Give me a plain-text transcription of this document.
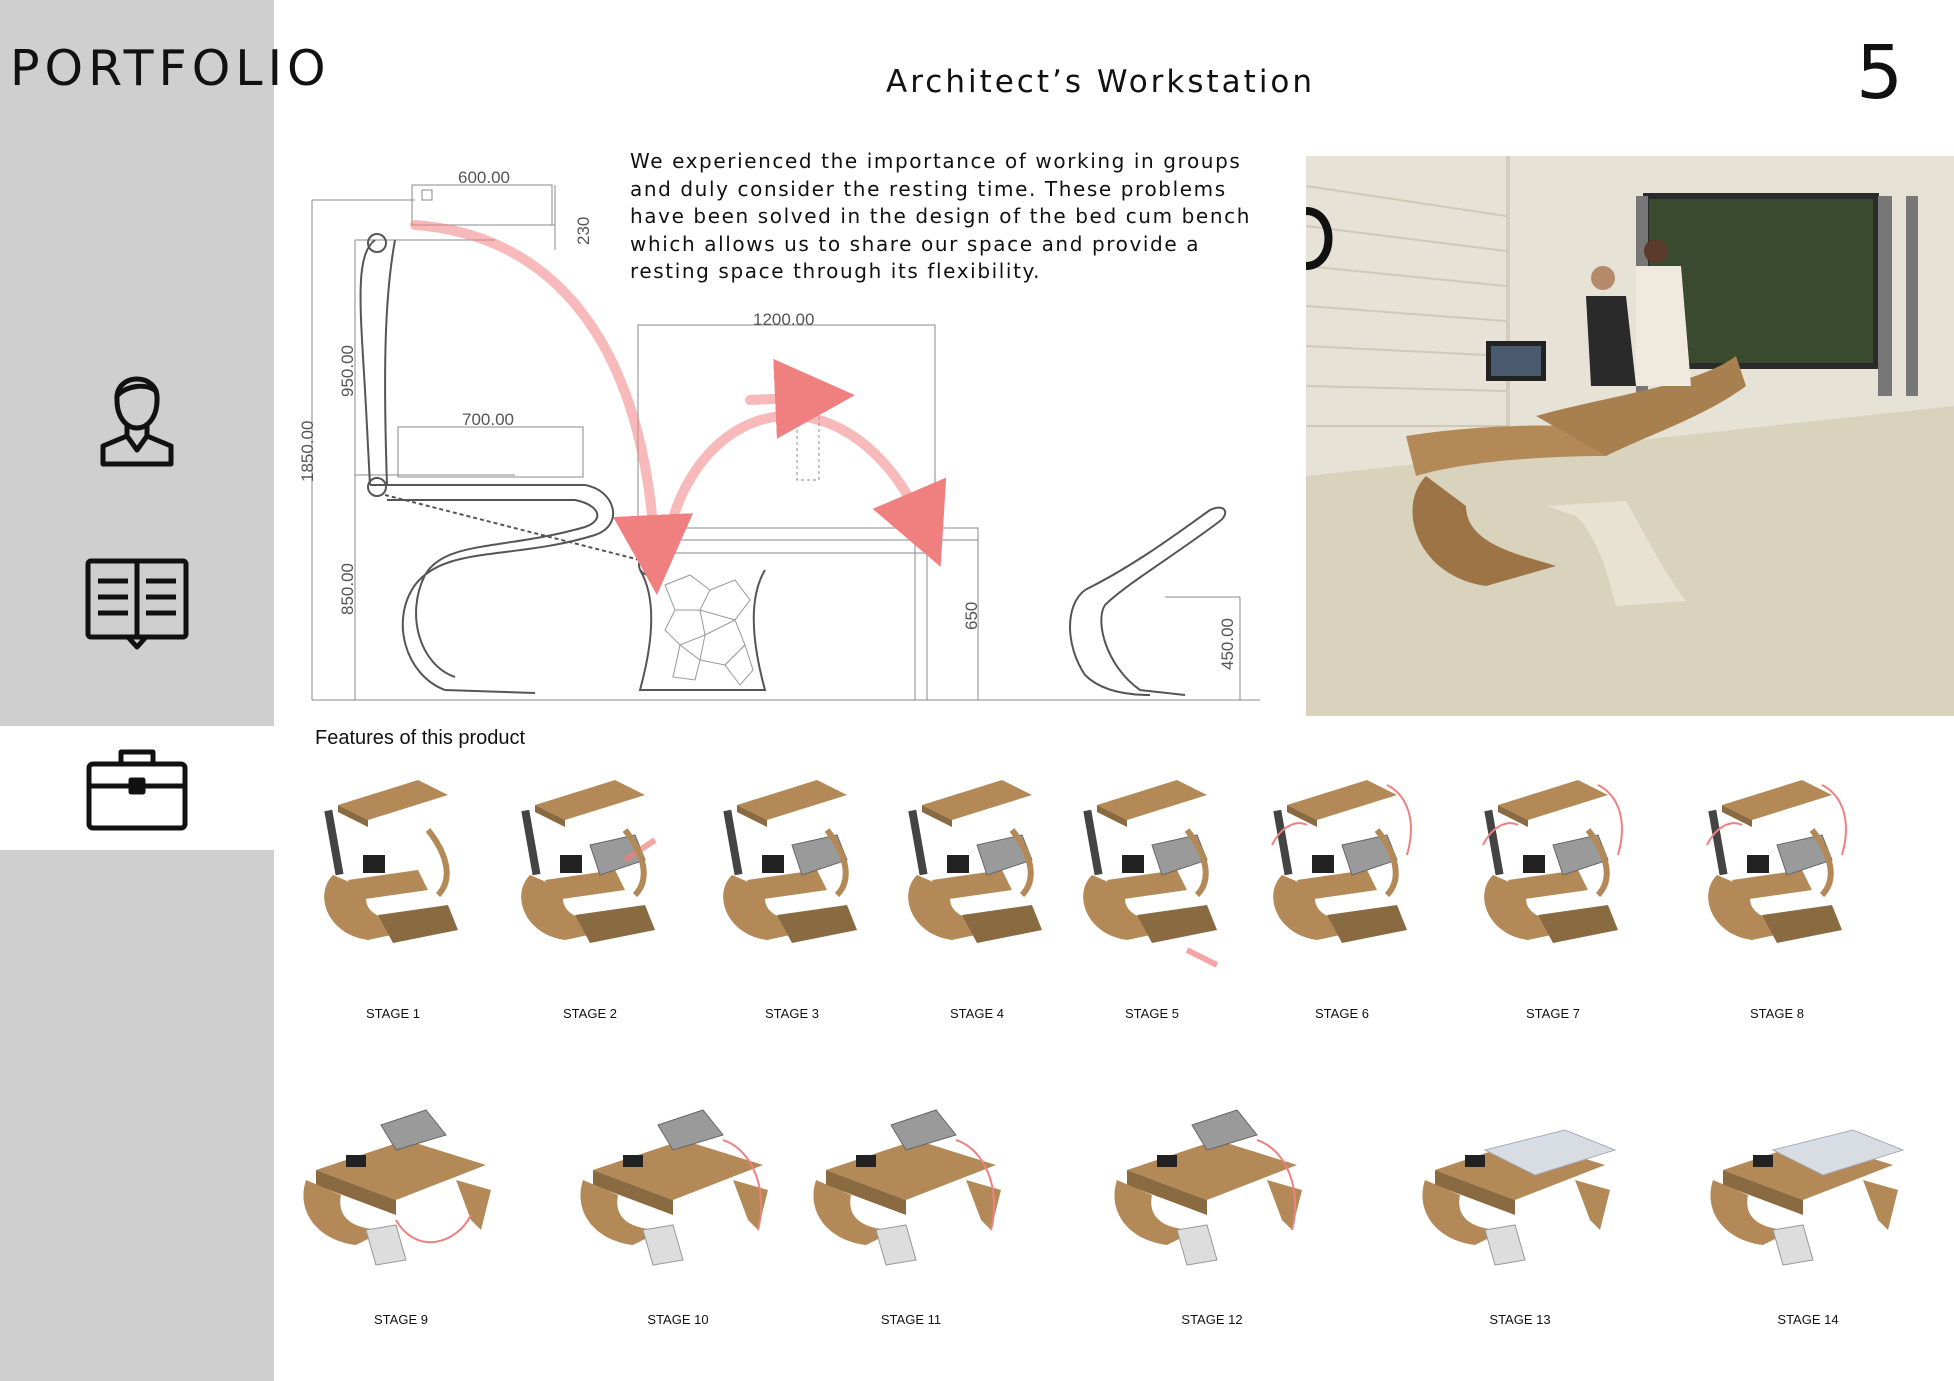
PORTFOLIO	Architect’s Workstation	5
We experienced the importance of working in groups and duly consider the resting time. These problems have been solved in the design of the bed cum bench which allows us to share our space and provide a resting space through its flexibility.
600.00
230
1850.00
950.00
700.00
850.00
1200.00
650
450.00
Features of this product
STAGE 1	STAGE 2	STAGE 3	STAGE 4	STAGE 5	STAGE 6	STAGE 7	STAGE 8
STAGE 9	STAGE 10	STAGE 11	STAGE 12	STAGE 13	STAGE 14
